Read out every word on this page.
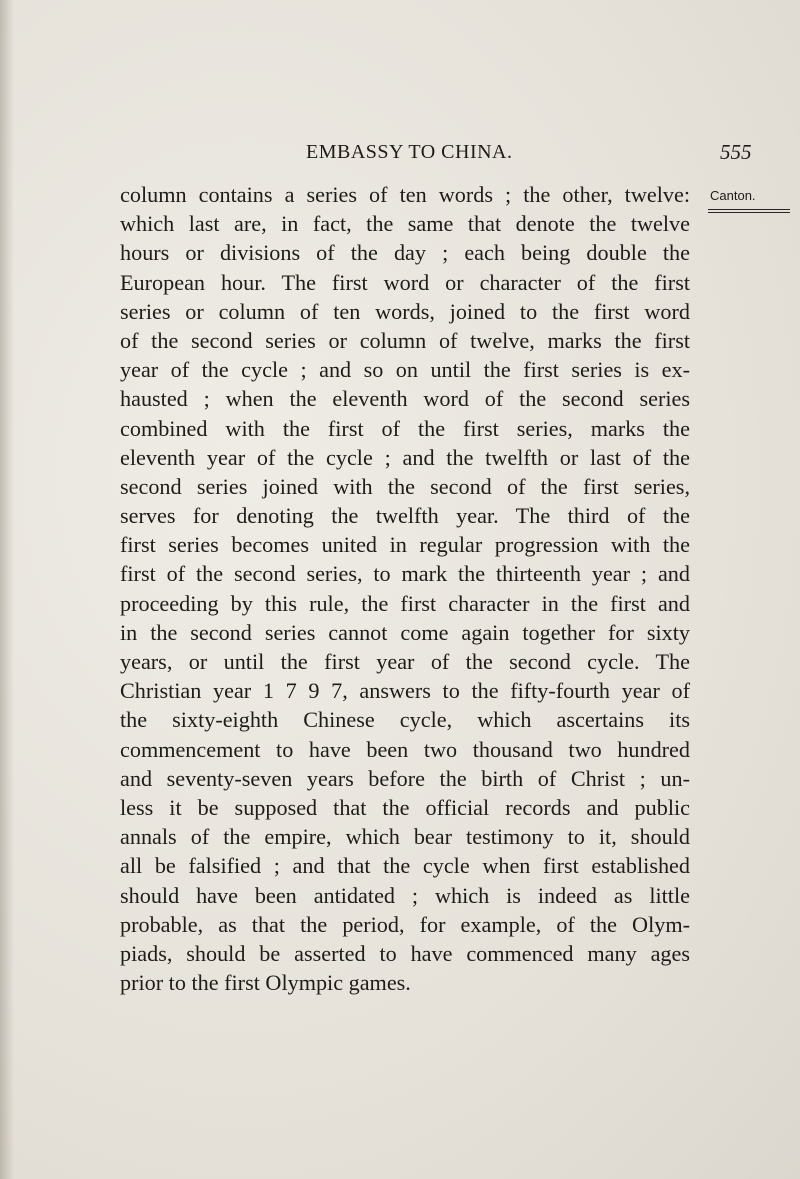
EMBASSY TO CHINA.	555
Canton.
column contains a series of ten words ; the other, twelve:
which last are, in fact, the same that denote the twelve
hours or divisions of the day ; each being double the
European hour. The first word or character of the first
series or column of ten words, joined to the first word
of the second series or column of twelve, marks the first
year of the cycle ; and so on until the first series is ex-
hausted ; when the eleventh word of the second series
combined with the first of the first series, marks the
eleventh year of the cycle ; and the twelfth or last of the
second series joined with the second of the first series,
serves for denoting the twelfth year. The third of the
first series becomes united in regular progression with the
first of the second series, to mark the thirteenth year ; and
proceeding by this rule, the first character in the first and
in the second series cannot come again together for sixty
years, or until the first year of the second cycle. The
Christian year 1 7 9 7, answers to the fifty-fourth year of
the sixty-eighth Chinese cycle, which ascertains its
commencement to have been two thousand two hundred
and seventy-seven years before the birth of Christ ; un-
less it be supposed that the official records and public
annals of the empire, which bear testimony to it, should
all be falsified ; and that the cycle when first established
should have been antidated ; which is indeed as little
probable, as that the period, for example, of the Olym-
piads, should be asserted to have commenced many ages
prior to the first Olympic games.
